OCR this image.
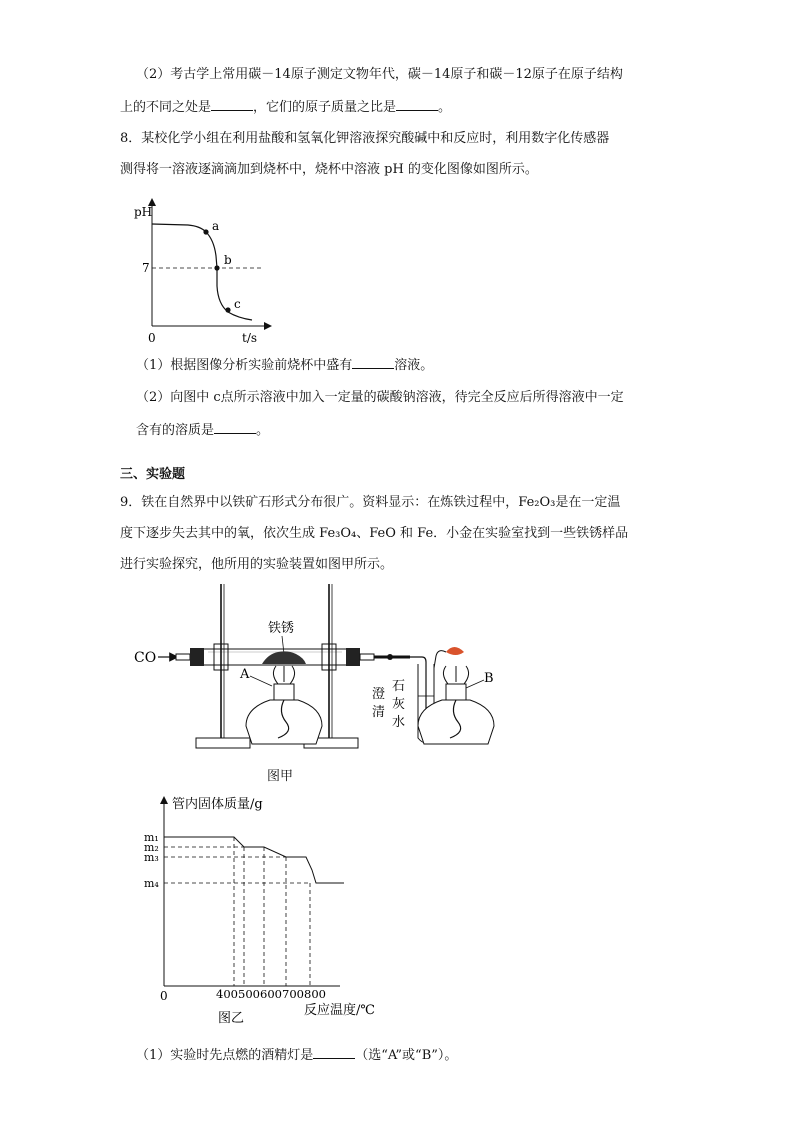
（2）考古学上常用碳－14原子测定文物年代，碳－14原子和碳－12原子在原子结构
上的不同之处是	，它们的原子质量之比是	。
8．某校化学小组在利用盐酸和氢氧化钾溶液探究酸碱中和反应时，利用数字化传感器
测得将一溶液逐滴滴加到烧杯中，烧杯中溶液 pH 的变化图像如图所示。
pH
t/s
0
7
a
b
c
（1）根据图像分析实验前烧杯中盛有	溶液。
（2）向图中 c点所示溶液中加入一定量的碳酸钠溶液，待完全反应后所得溶液中一定
含有的溶质是	。
三、实验题
9．铁在自然界中以铁矿石形式分布很广。资料显示：在炼铁过程中，Fe₂O₃是在一定温
度下逐步失去其中的氧，依次生成 Fe₃O₄、FeO 和 Fe．小金在实验室找到一些铁锈样品
进行实验探究，他所用的实验装置如图甲所示。
CO
铁锈
A
澄
清
石
灰
水
B
图甲
管内固体质量/g
0
m₁
m₂
m₃
m₄
400 500 600 700 800
反应温度/℃
图乙
（1）实验时先点燃的酒精灯是	（选“A”或“B”）。
